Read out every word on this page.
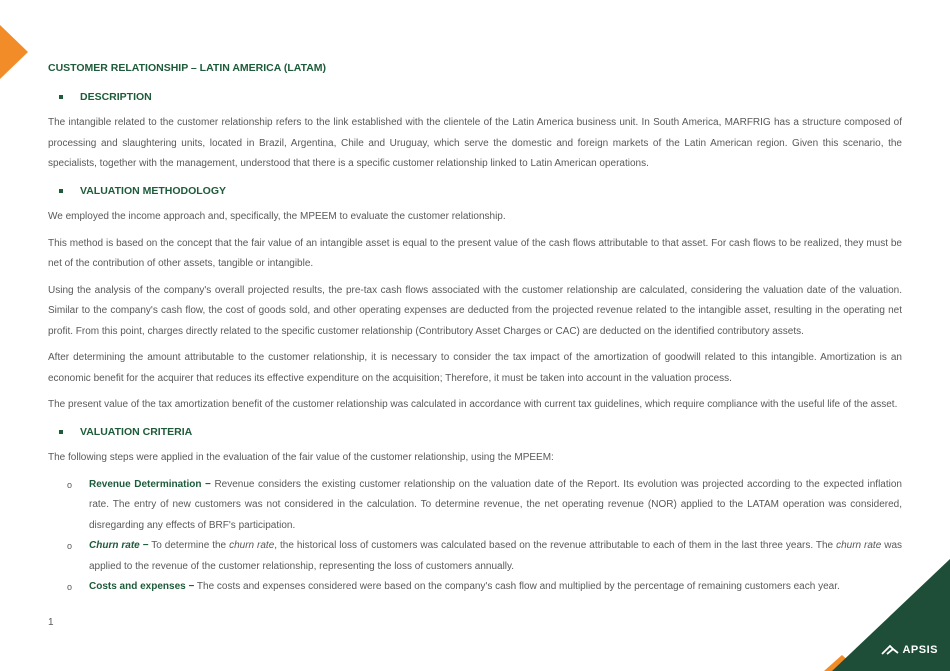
APSIS
CUSTOMER RELATIONSHIP – LATIN AMERICA (LATAM)
DESCRIPTION

The intangible related to the customer relationship refers to the link established with the clientele of the Latin America business unit. In South America, MARFRIG has a structure composed of processing and slaughtering units, located in Brazil, Argentina, Chile and Uruguay, which serve the domestic and foreign markets of the Latin American region. Given this scenario, the specialists, together with the management, understood that there is a specific customer relationship linked to Latin American operations.

VALUATION METHODOLOGY

We employed the income approach and, specifically, the MPEEM to evaluate the customer relationship.

This method is based on the concept that the fair value of an intangible asset is equal to the present value of the cash flows attributable to that asset. For cash flows to be realized, they must be net of the contribution of other assets, tangible or intangible.

Using the analysis of the company's overall projected results, the pre-tax cash flows associated with the customer relationship are calculated, considering the valuation date of the valuation. Similar to the company's cash flow, the cost of goods sold, and other operating expenses are deducted from the projected revenue related to the intangible asset, resulting in the operating net profit. From this point, charges directly related to the specific customer relationship (Contributory Asset Charges or CAC) are deducted on the identified contributory assets.

After determining the amount attributable to the customer relationship, it is necessary to consider the tax impact of the amortization of goodwill related to this intangible. Amortization is an economic benefit for the acquirer that reduces its effective expenditure on the acquisition; Therefore, it must be taken into account in the valuation process.

The present value of the tax amortization benefit of the customer relationship was calculated in accordance with current tax guidelines, which require compliance with the useful life of the asset.

VALUATION CRITERIA

The following steps were applied in the evaluation of the fair value of the customer relationship, using the MPEEM:

o	Revenue Determination − Revenue considers the existing customer relationship on the valuation date of the Report. Its evolution was projected according to the expected inflation rate. The entry of new customers was not considered in the calculation. To determine revenue, the net operating revenue (NOR) applied to the LATAM operation was considered, disregarding any effects of BRF's participation.
o	Churn rate − To determine the churn rate, the historical loss of customers was calculated based on the revenue attributable to each of them in the last three years. The churn rate was applied to the revenue of the customer relationship, representing the loss of customers annually.
o	Costs and expenses − The costs and expenses considered were based on the company's cash flow and multiplied by the percentage of remaining customers each year.
1
